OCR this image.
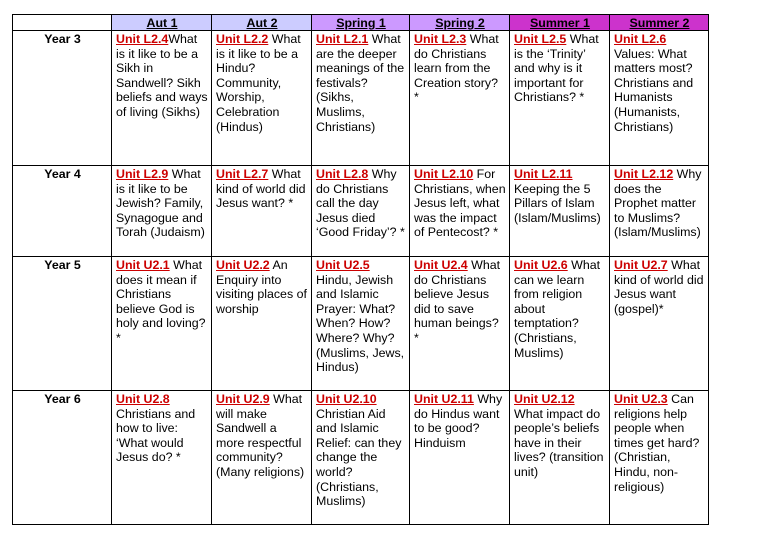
	Aut 1	Aut 2	Spring 1	Spring 2	Summer 1	Summer 2
Year 3	Unit L2.4What is it like to be a Sikh in Sandwell? Sikh beliefs and ways of living (Sikhs)	Unit L2.2 What is it like to be a Hindu? Community, Worship, Celebration (Hindus)	Unit L2.1 What are the deeper meanings of the festivals? (Sikhs, Muslims, Christians)	Unit L2.3 What do Christians learn from the Creation story? *	Unit L2.5 What is the ‘Trinity’ and why is it important for Christians? *	Unit L2.6 Values: What matters most? Christians and Humanists (Humanists, Christians)
Year 4	Unit L2.9 What is it like to be Jewish? Family, Synagogue and Torah (Judaism)	Unit L2.7 What kind of world did Jesus want? *	Unit L2.8 Why do Christians call the day Jesus died ‘Good Friday’? *	Unit L2.10 For Christians, when Jesus left, what was the impact of Pentecost? *	Unit L2.11 Keeping the 5 Pillars of Islam (Islam/Muslims)	Unit L2.12 Why does the Prophet matter to Muslims? (Islam/Muslims)
Year 5	Unit U2.1 What does it mean if Christians believe God is holy and loving? *	Unit U2.2 An Enquiry into visiting places of worship	Unit U2.5 Hindu, Jewish and Islamic Prayer: What? When? How? Where? Why? (Muslims, Jews, Hindus)	Unit U2.4 What do Christians believe Jesus did to save human beings? *	Unit U2.6 What can we learn from religion about temptation? (Christians, Muslims)	Unit U2.7 What kind of world did Jesus want (gospel)*
Year 6	Unit U2.8 Christians and how to live: ‘What would Jesus do? *	Unit U2.9 What will make Sandwell a more respectful community? (Many religions)	Unit U2.10 Christian Aid and Islamic Relief: can they change the world? (Christians, Muslims)	Unit U2.11 Why do Hindus want to be good? Hinduism	Unit U2.12 What impact do people’s beliefs have in their lives? (transition unit)	Unit U2.3 Can religions help people when times get hard? (Christian, Hindu, non-religious)
